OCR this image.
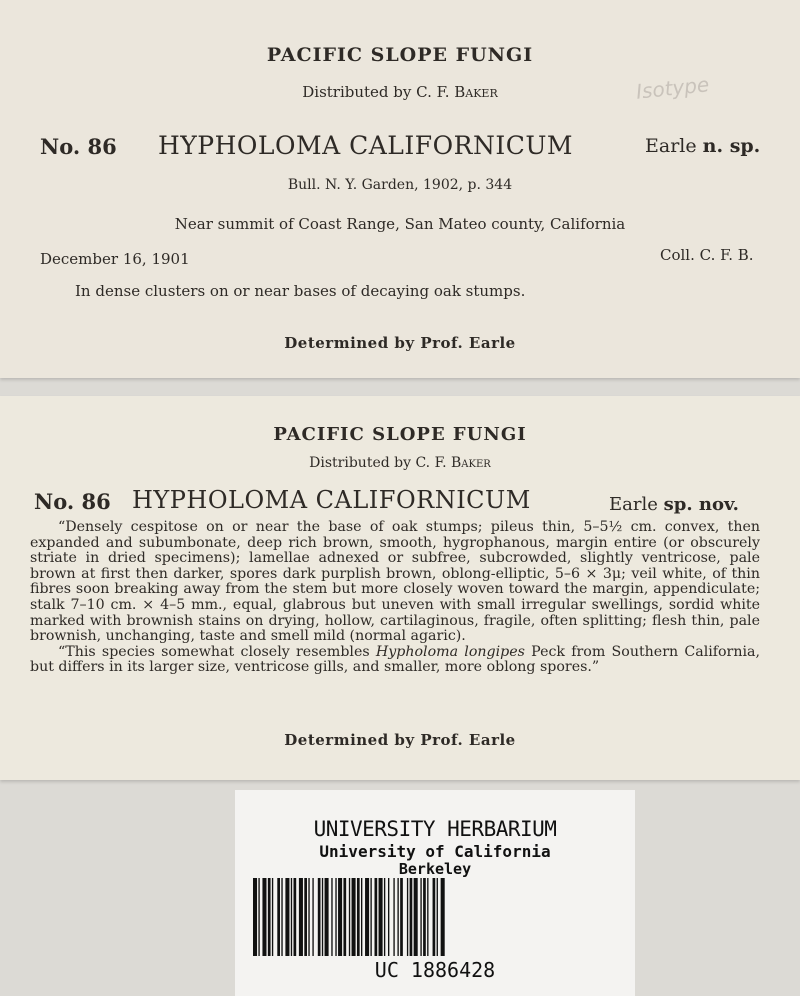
PACIFIC SLOPE FUNGI
Distributed by C. F. Baker	Isotype
No. 86 HYPHOLOMA CALIFORNICUM	Earle n. sp.
Bull. N. Y. Garden, 1902, p. 344
Near summit of Coast Range, San Mateo county, California
December 16, 1901	Coll. C. F. B.
In dense clusters on or near bases of decaying oak stumps.
Determined by Prof. Earle
PACIFIC SLOPE FUNGI
Distributed by C. F. Baker
No. 86 HYPHOLOMA CALIFORNICUM	Earle sp. nov.

“Densely cespitose on or near the base of oak stumps; pileus thin, 5–5½ cm. convex, then expanded and subumbonate, deep rich brown, smooth, hygrophanous, margin entire (or obscurely striate in dried specimens); lamellae adnexed or subfree, subcrowded, slightly ventricose, pale brown at first then darker, spores dark purplish brown, oblong-elliptic, 5–6 × 3μ; veil white, of thin fibres soon breaking away from the stem but more closely woven toward the margin, appendiculate; stalk 7–10 cm. × 4–5 mm., equal, glabrous but uneven with small irregular swellings, sordid white marked with brownish stains on drying, hollow, cartilaginous, fragile, often splitting; flesh thin, pale brownish, unchanging, taste and smell mild (normal agaric).

“This species somewhat closely resembles Hypholoma longipes Peck from Southern California, but differs in its larger size, ventricose gills, and smaller, more oblong spores.”

Determined by Prof. Earle
UNIVERSITY HERBARIUM
University of California
Berkeley
UC 1886428
